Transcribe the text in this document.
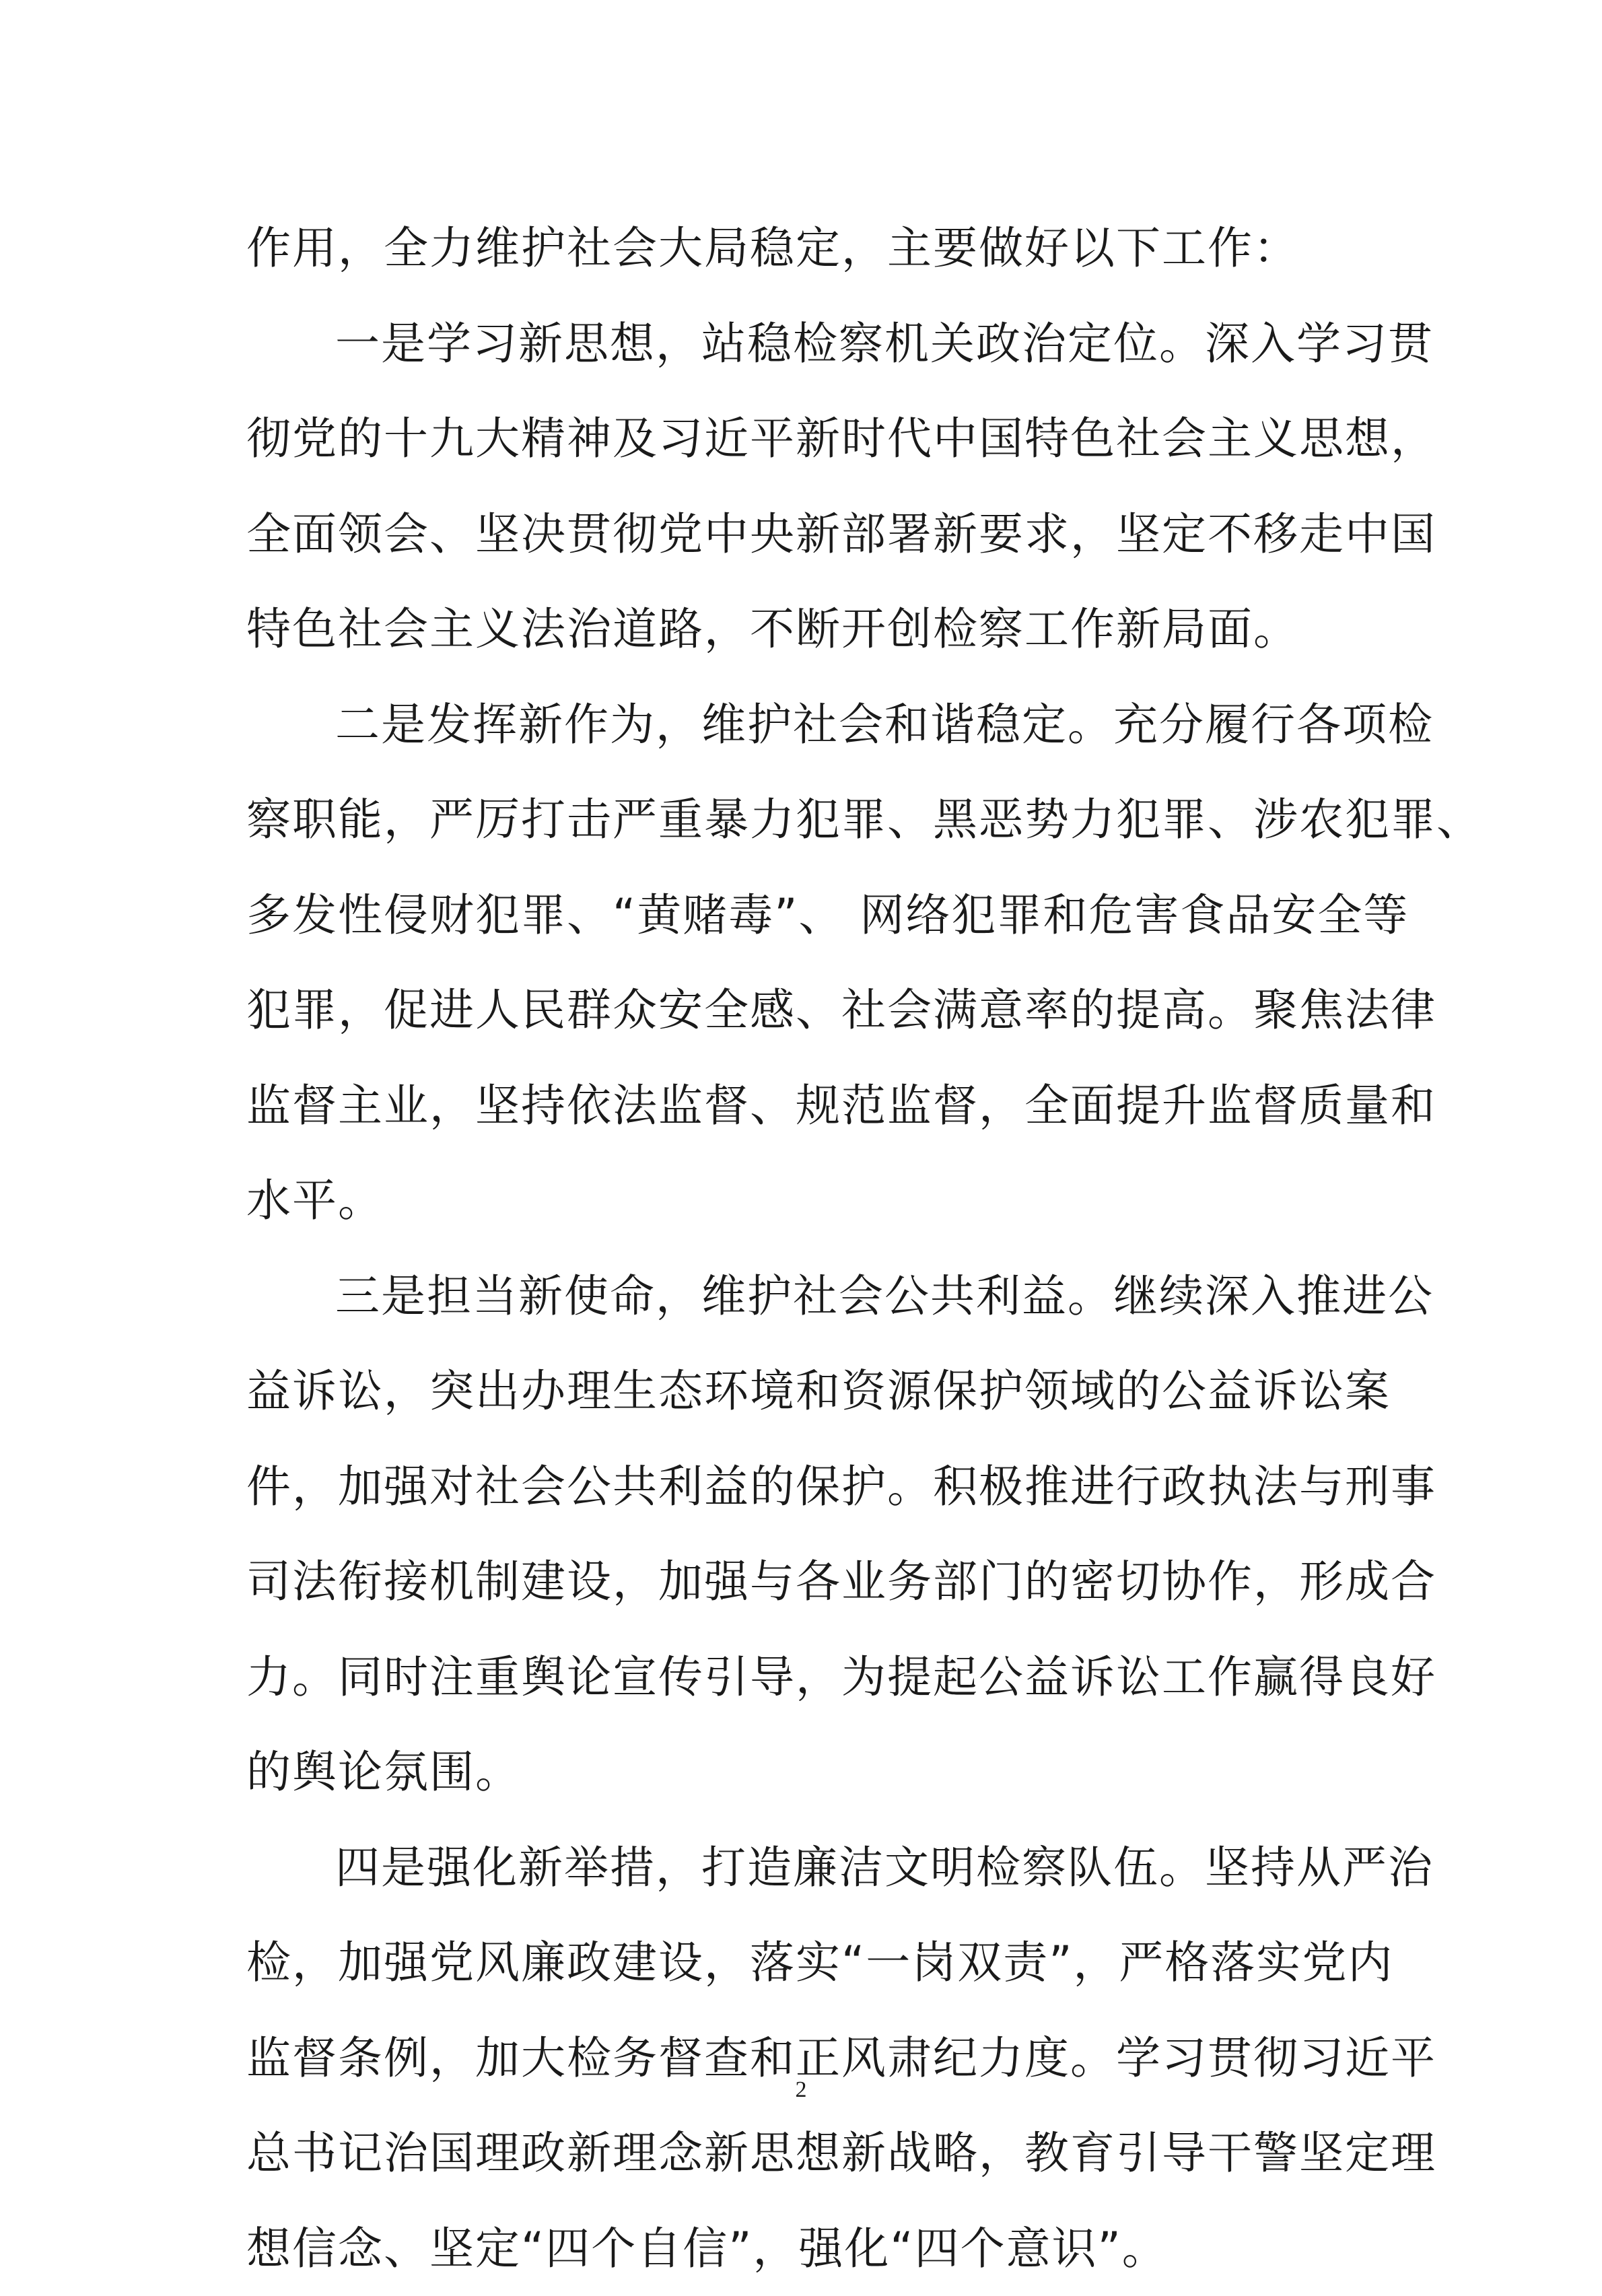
作用，全力维护社会大局稳定，主要做好以下工作：
一是学习新思想，站稳检察机关政治定位。深入学习贯
彻党的十九大精神及习近平新时代中国特色社会主义思想，
全面领会、坚决贯彻党中央新部署新要求，坚定不移走中国
特色社会主义法治道路，不断开创检察工作新局面。
二是发挥新作为，维护社会和谐稳定。充分履行各项检
察职能，严厉打击严重暴力犯罪、黑恶势力犯罪、涉农犯罪、
多发性侵财犯罪、“黄赌毒”、 网络犯罪和危害食品安全等
犯罪，促进人民群众安全感、社会满意率的提高。聚焦法律
监督主业，坚持依法监督、规范监督，全面提升监督质量和
水平。
三是担当新使命，维护社会公共利益。继续深入推进公
益诉讼，突出办理生态环境和资源保护领域的公益诉讼案
件，加强对社会公共利益的保护。积极推进行政执法与刑事
司法衔接机制建设，加强与各业务部门的密切协作，形成合
力。同时注重舆论宣传引导，为提起公益诉讼工作赢得良好
的舆论氛围。
四是强化新举措，打造廉洁文明检察队伍。坚持从严治
检，加强党风廉政建设，落实“一岗双责”，严格落实党内
监督条例，加大检务督查和正风肃纪力度。学习贯彻习近平
总书记治国理政新理念新思想新战略，教育引导干警坚定理
想信念、坚定“四个自信”，强化“四个意识”。
2
